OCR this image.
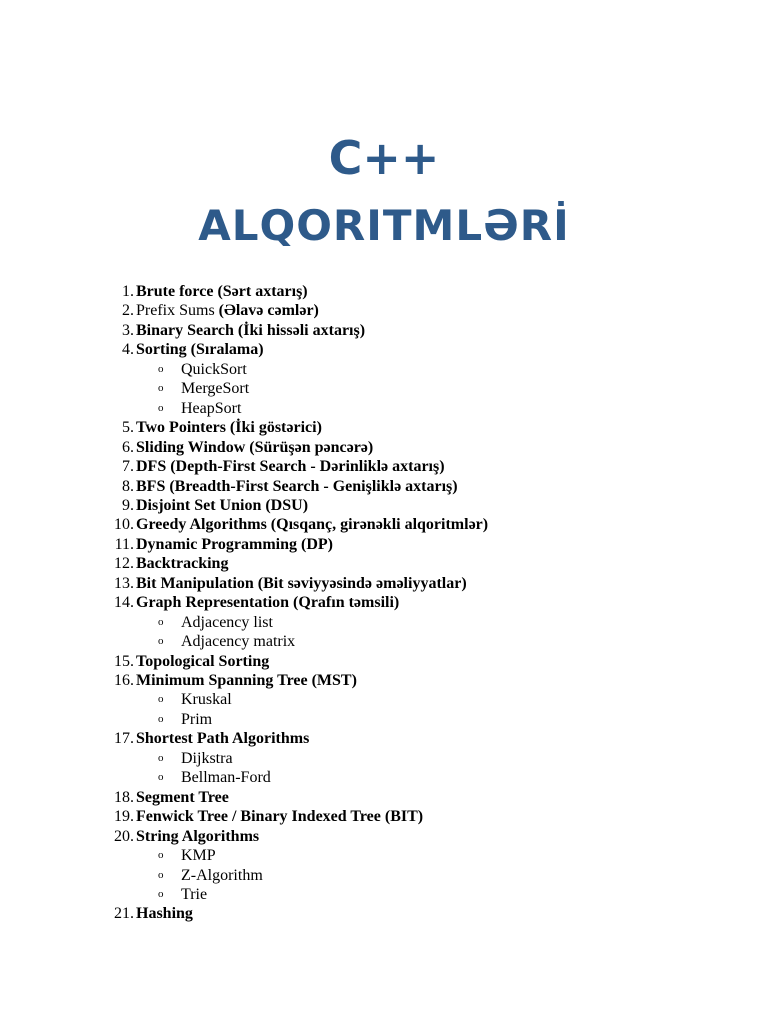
C++
ALQORITMLƏRİ
1. Brute force (Sərt axtarış)
2. Prefix Sums (Əlavə cəmlər)
3. Binary Search (İki hissəli axtarış)
4. Sorting (Sıralama)
o QuickSort
o MergeSort
o HeapSort
5. Two Pointers (İki göstərici)
6. Sliding Window (Sürüşən pəncərə)
7. DFS (Depth-First Search - Dərinliklə axtarış)
8. BFS (Breadth-First Search - Genişliklə axtarış)
9. Disjoint Set Union (DSU)
10. Greedy Algorithms (Qısqanç, girənəkli alqoritmlər)
11. Dynamic Programming (DP)
12. Backtracking
13. Bit Manipulation (Bit səviyyəsində əməliyyatlar)
14. Graph Representation (Qrafın təmsili)
o Adjacency list
o Adjacency matrix
15. Topological Sorting
16. Minimum Spanning Tree (MST)
o Kruskal
o Prim
17. Shortest Path Algorithms
o Dijkstra
o Bellman-Ford
18. Segment Tree
19. Fenwick Tree / Binary Indexed Tree (BIT)
20. String Algorithms
o KMP
o Z-Algorithm
o Trie
21. Hashing
